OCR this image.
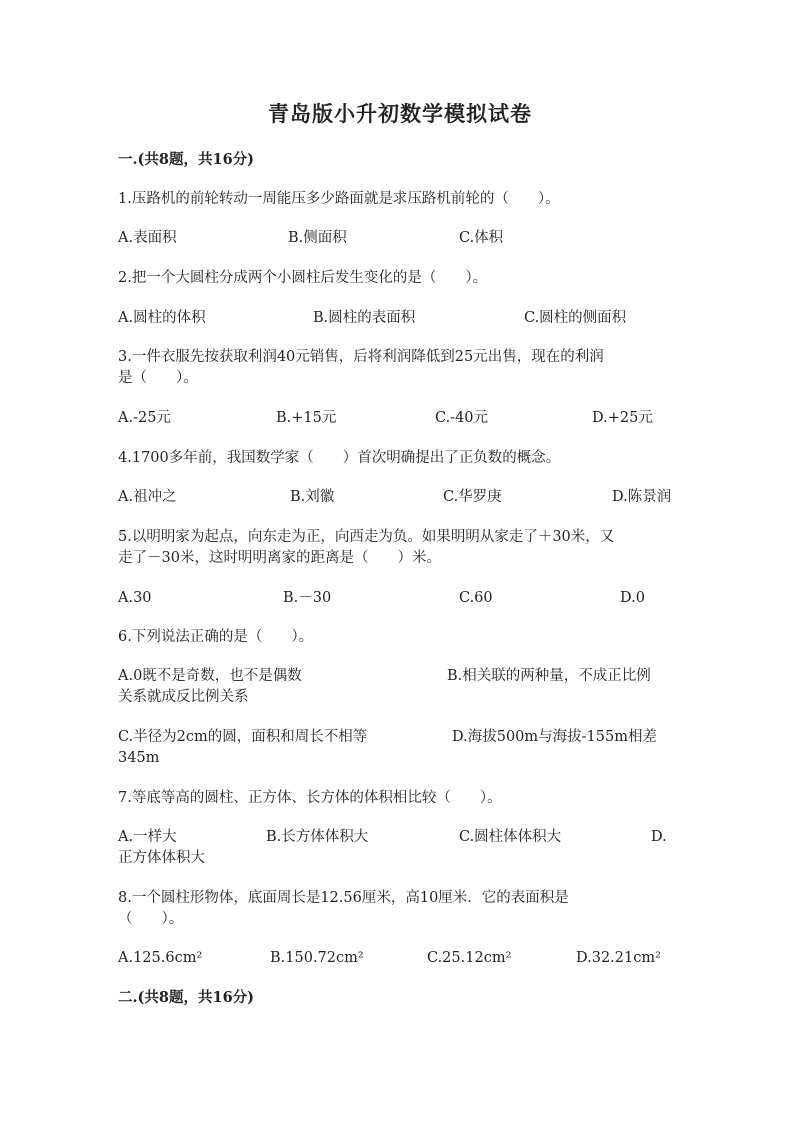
青岛版小升初数学模拟试卷
一.(共8题，共16分)
1.压路机的前轮转动一周能压多少路面就是求压路机前轮的（　　）。
A.表面积	B.侧面积	C.体积
2.把一个大圆柱分成两个小圆柱后发生变化的是（　　）。
A.圆柱的体积	B.圆柱的表面积	C.圆柱的侧面积
3.一件衣服先按获取利润40元销售，后将利润降低到25元出售，现在的利润
是（　　）。
A.-25元	B.+15元	C.-40元	D.+25元
4.1700多年前，我国数学家（　　）首次明确提出了正负数的概念。
A.祖冲之	B.刘徽	C.华罗庚	D.陈景润
5.以明明家为起点，向东走为正，向西走为负。如果明明从家走了＋30米，又
走了－30米，这时明明离家的距离是（　　）米。
A.30	B.－30	C.60	D.0
6.下列说法正确的是（　　）。
A.0既不是奇数，也不是偶数	B.相关联的两种量，不成正比例
关系就成反比例关系
C.半径为2cm的圆，面积和周长不相等	D.海拔500m与海拔-155m相差
345m
7.等底等高的圆柱、正方体、长方体的体积相比较（　　）。
A.一样大	B.长方体体积大	C.圆柱体体积大	D.
正方体体积大
8.一个圆柱形物体，底面周长是12.56厘米，高10厘米．它的表面积是
（　　）。
A.125.6cm²	B.150.72cm²	C.25.12cm²	D.32.21cm²
二.(共8题，共16分)
